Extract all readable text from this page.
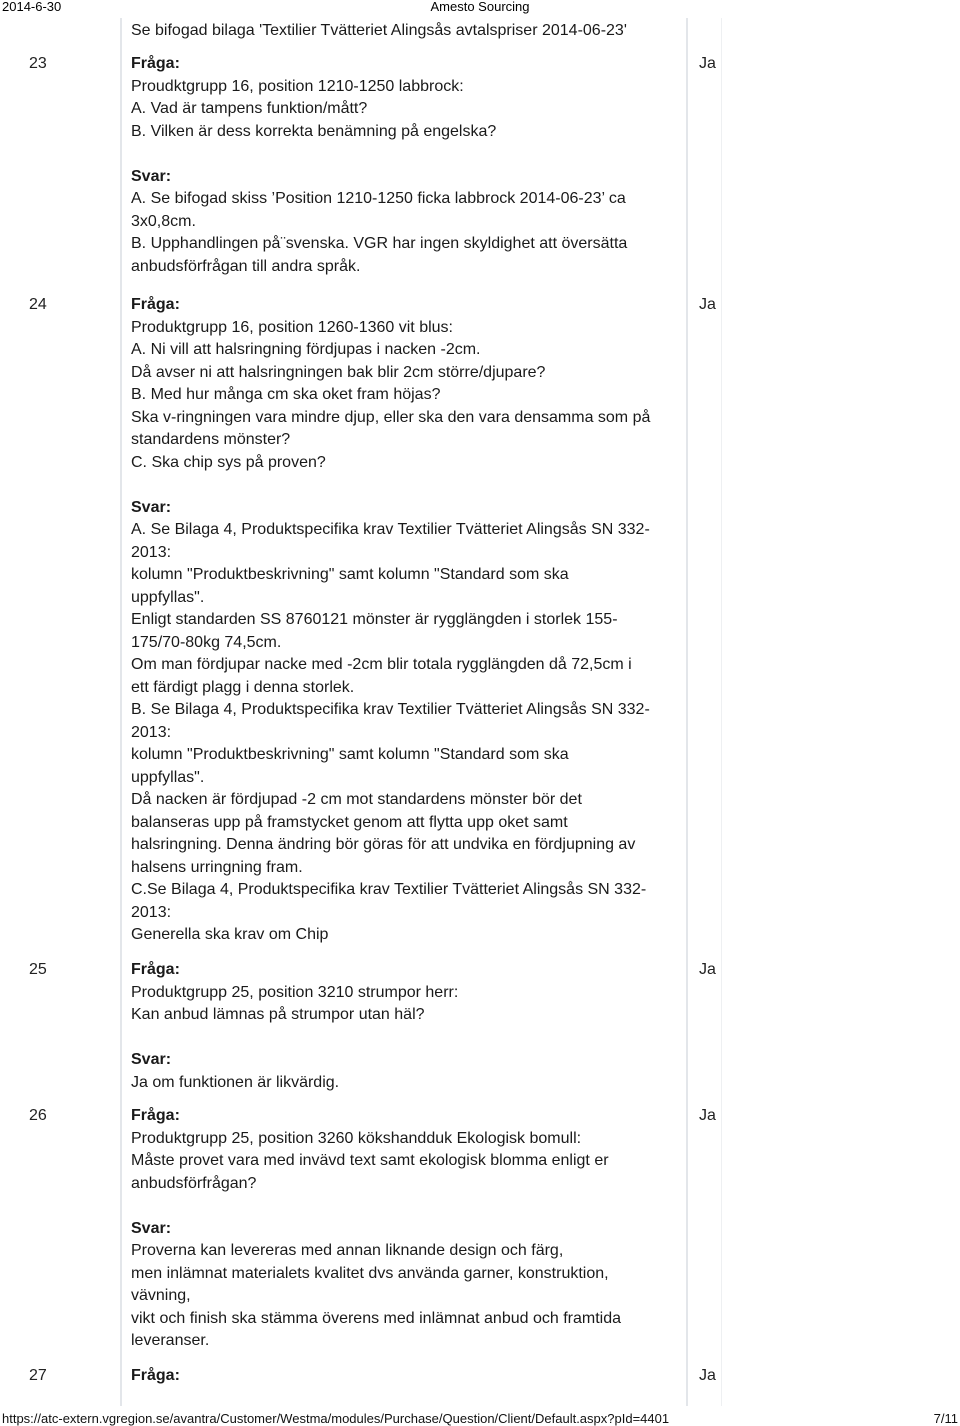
2014-6-30	Amesto Sourcing

Se bifogad bilaga 'Textilier Tvätteriet Alingsås avtalspriser 2014-06-23'

23	Fråga:

Proudktgrupp 16, position 1210-1250 labbrock:
A. Vad är tampens funktion/mått?
B. Vilken är dess korrekta benämning på engelska?

Svar:

A. Se bifogad skiss ’Position 1210-1250 ficka labbrock 2014-06-23’ ca
3x0,8cm.
B. Upphandlingen på¨svenska. VGR har ingen skyldighet att översätta
anbudsförfrågan till andra språk.

Ja
24	Fråga:

Produktgrupp 16, position 1260-1360 vit blus:
A. Ni vill att halsringning fördjupas i nacken -2cm.
Då avser ni att halsringningen bak blir 2cm större/djupare?
B. Med hur många cm ska oket fram höjas?
Ska v-ringningen vara mindre djup, eller ska den vara densamma som på
standardens mönster?
C. Ska chip sys på proven?

Svar:

A. Se Bilaga 4, Produktspecifika krav Textilier Tvätteriet Alingsås SN 332-
2013:
kolumn "Produktbeskrivning" samt kolumn "Standard som ska
uppfyllas".
Enligt standarden SS 8760121 mönster är rygglängden i storlek 155-
175/70-80kg 74,5cm.
Om man fördjupar nacke med -2cm blir totala rygglängden då 72,5cm i
ett färdigt plagg i denna storlek.
B. Se Bilaga 4, Produktspecifika krav Textilier Tvätteriet Alingsås SN 332-
2013:
kolumn "Produktbeskrivning" samt kolumn "Standard som ska
uppfyllas".
Då nacken är fördjupad -2 cm mot standardens mönster bör det
balanseras upp på framstycket genom att flytta upp oket samt
halsringning. Denna ändring bör göras för att undvika en fördjupning av
halsens urringning fram.
C.Se Bilaga 4, Produktspecifika krav Textilier Tvätteriet Alingsås SN 332-
2013:
Generella ska krav om Chip

Ja
25	Fråga:

Produktgrupp 25, position 3210 strumpor herr:
Kan anbud lämnas på strumpor utan häl?

Svar:

Ja om funktionen är likvärdig.

Ja
26	Fråga:

Produktgrupp 25, position 3260 kökshandduk Ekologisk bomull:
Måste provet vara med invävd text samt ekologisk blomma enligt er
anbudsförfrågan?

Svar:

Proverna kan levereras med annan liknande design och färg,
men inlämnat materialets kvalitet dvs använda garner, konstruktion,
vävning,
vikt och finish ska stämma överens med inlämnat anbud och framtida
leveranser.

Ja
27	Fråga:	Ja
https://atc-extern.vgregion.se/avantra/Customer/Westma/modules/Purchase/Question/Client/Default.aspx?pId=4401	7/11
